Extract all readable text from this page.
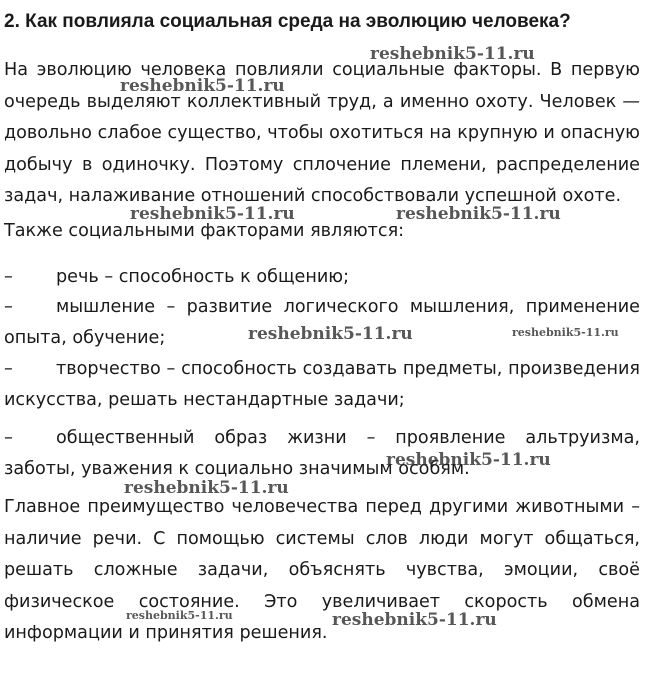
2. Как повлияла социальная среда на эволюцию человека?
На эволюцию человека повлияли социальные факторы. В первую очередь выделяют коллективный труд, а именно охоту. Человек — довольно слабое существо, чтобы охотиться на крупную и опасную добычу в одиночку. Поэтому сплочение племени, распределение задач, налаживание отношений способствовали успешной охоте.
Также социальными факторами являются:
– речь – способность к общению;
– мышление – развитие логического мышления, применение опыта, обучение;
– творчество – способность создавать предметы, произведения искусства, решать нестандартные задачи;
– общественный образ жизни – проявление альтруизма, заботы, уважения к социально значимым особям.
Главное преимущество человечества перед другими животными – наличие речи. С помощью системы слов люди могут общаться, решать сложные задачи, объяснять чувства, эмоции, своё физическое состояние. Это увеличивает скорость обмена информации и принятия решения.
reshebnik5-11.ru
reshebnik5-11.ru
reshebnik5-11.ru	reshebnik5-11.ru
reshebnik5-11.ru	reshebnik5-11.ru
reshebnik5-11.ru
reshebnik5-11.ru
reshebnik5-11.ru	reshebnik5-11.ru
